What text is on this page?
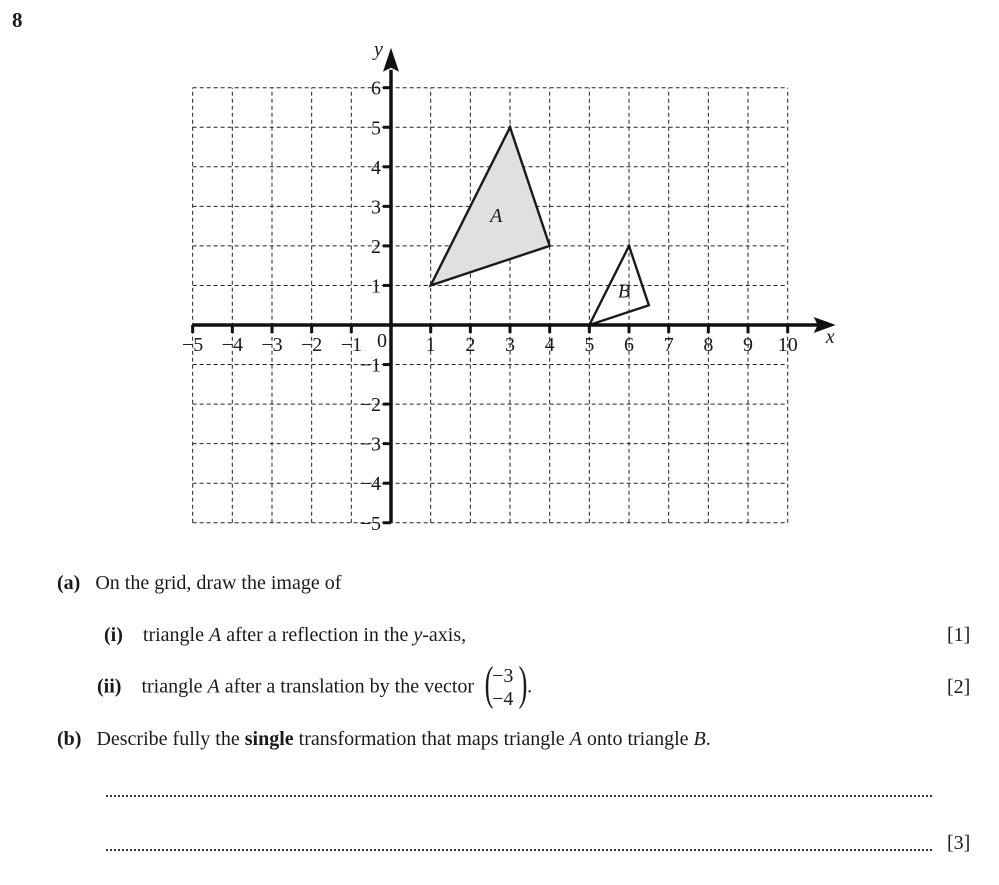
8
A
B
x
y
−5 −4 −3 −2 −1	1 2 3 4 5 6 7 8 9 10
6
5
4
3
2
1
−1
−2
−3
−4
−5
0
(a) On the grid, draw the image of
(i) triangle A after a reflection in the y-axis,	[1]
(ii) triangle A after a translation by the vector (
−3
−4 ) .	[2]
(b) Describe fully the single transformation that maps triangle A onto triangle B.
[3]
